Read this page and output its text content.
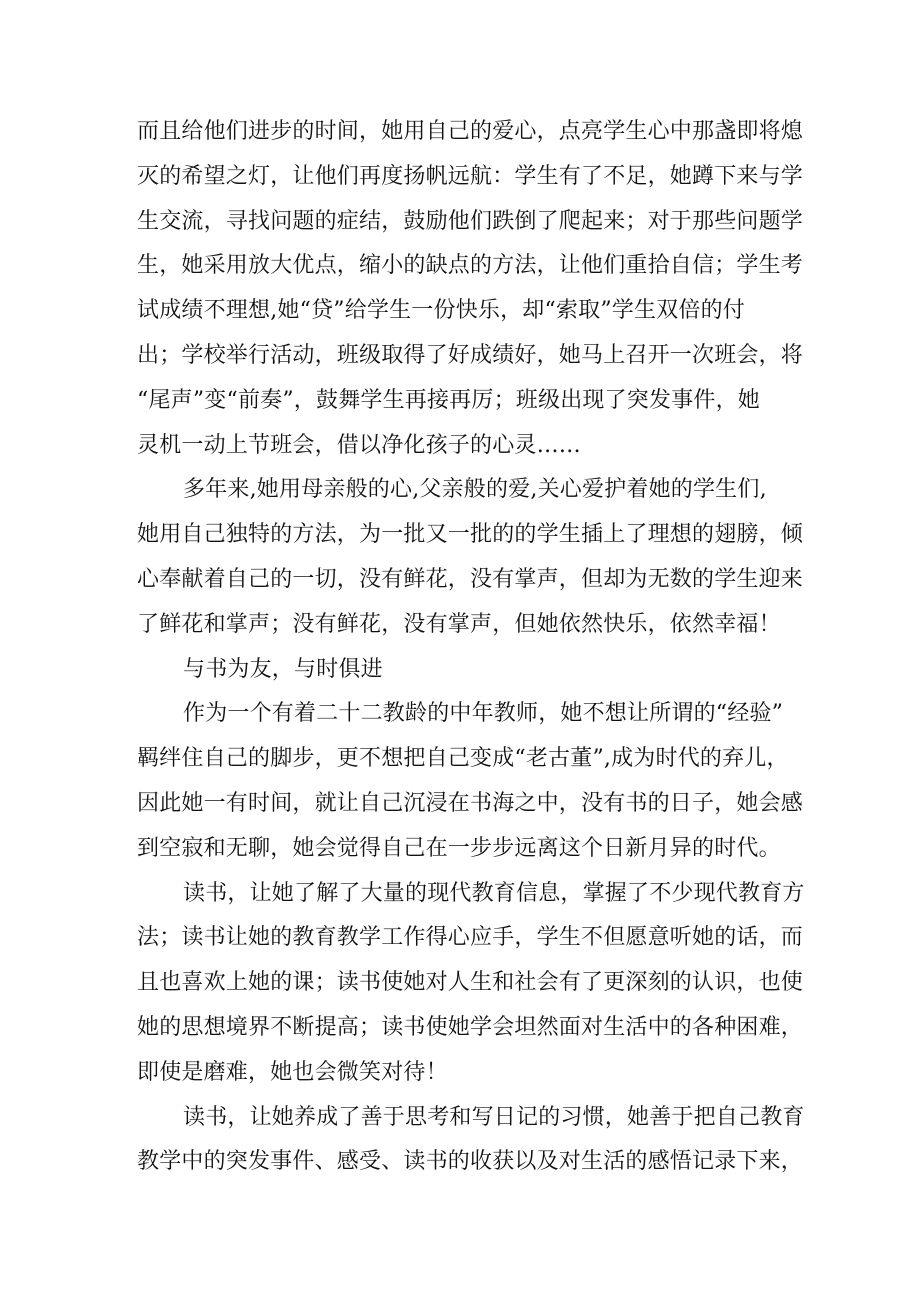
而且给他们进步的时间，她用自己的爱心，点亮学生心中那盏即将熄
灭的希望之灯，让他们再度扬帆远航：学生有了不足，她蹲下来与学
生交流，寻找问题的症结，鼓励他们跌倒了爬起来；对于那些问题学
生，她采用放大优点，缩小的缺点的方法，让他们重拾自信；学生考
试成绩不理想,她“贷”给学生一份快乐，却“索取”学生双倍的付
出；学校举行活动，班级取得了好成绩好，她马上召开一次班会，将
“尾声”变“前奏”，鼓舞学生再接再厉；班级出现了突发事件，她
灵机一动上节班会，借以净化孩子的心灵……
多年来,她用母亲般的心,父亲般的爱,关心爱护着她的学生们,
她用自己独特的方法，为一批又一批的的学生插上了理想的翅膀，倾
心奉献着自己的一切，没有鲜花，没有掌声，但却为无数的学生迎来
了鲜花和掌声；没有鲜花，没有掌声，但她依然快乐，依然幸福！
与书为友，与时俱进
作为一个有着二十二教龄的中年教师，她不想让所谓的“经验”
羁绊住自己的脚步，更不想把自己变成“老古董”,成为时代的弃儿，
因此她一有时间，就让自己沉浸在书海之中，没有书的日子，她会感
到空寂和无聊，她会觉得自己在一步步远离这个日新月异的时代。
读书，让她了解了大量的现代教育信息，掌握了不少现代教育方
法；读书让她的教育教学工作得心应手，学生不但愿意听她的话，而
且也喜欢上她的课；读书使她对人生和社会有了更深刻的认识，也使
她的思想境界不断提高；读书使她学会坦然面对生活中的各种困难，
即使是磨难，她也会微笑对待！
读书，让她养成了善于思考和写日记的习惯，她善于把自己教育
教学中的突发事件、感受、读书的收获以及对生活的感悟记录下来，
